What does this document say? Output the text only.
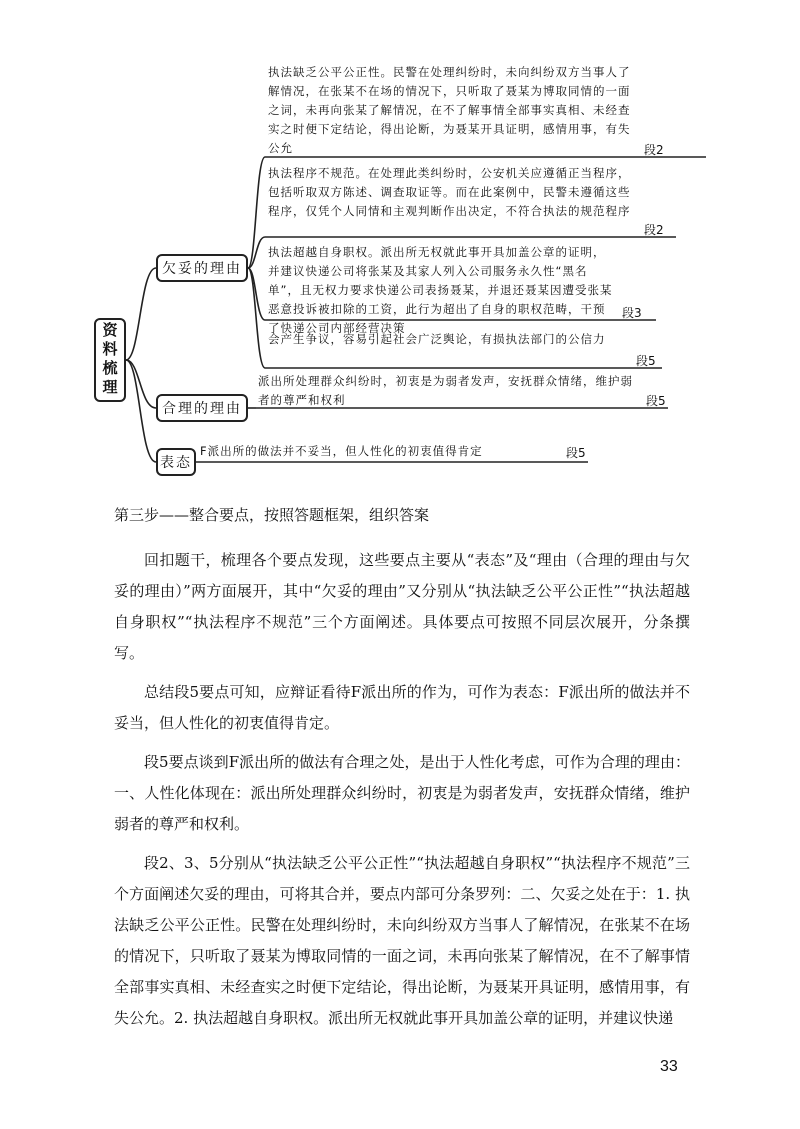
资料梳理
欠妥的理由
合理的理由
表态
执法缺乏公平公正性。民警在处理纠纷时，未向纠纷双方当事人了解情况，在张某不在场的情况下，只听取了聂某为博取同情的一面之词，未再向张某了解情况，在不了解事情全部事实真相、未经查实之时便下定结论，得出论断，为聂某开具证明，感情用事，有失公允	段2
执法程序不规范。在处理此类纠纷时，公安机关应遵循正当程序，包括听取双方陈述、调查取证等。而在此案例中，民警未遵循这些程序，仅凭个人同情和主观判断作出决定，不符合执法的规范程序
段2
执法超越自身职权。派出所无权就此事开具加盖公章的证明，并建议快递公司将张某及其家人列入公司服务永久性“黑名单”，且无权力要求快递公司表扬聂某，并退还聂某因遭受张某恶意投诉被扣除的工资，此行为超出了自身的职权范畴，干预了快递公司内部经营决策
段3
会产生争议，容易引起社会广泛舆论，有损执法部门的公信力
段5
派出所处理群众纠纷时，初衷是为弱者发声，安抚群众情绪，维护弱者的尊严和权利	段5
F派出所的做法并不妥当，但人性化的初衷值得肯定	段5

第三步——整合要点，按照答题框架，组织答案

回扣题干，梳理各个要点发现，这些要点主要从“表态”及“理由（合理的理由与欠妥的理由）”两方面展开，其中“欠妥的理由”又分别从“执法缺乏公平公正性”“执法超越自身职权”“执法程序不规范”三个方面阐述。具体要点可按照不同层次展开，分条撰写。

总结段5要点可知，应辩证看待F派出所的作为，可作为表态：F派出所的做法并不妥当，但人性化的初衷值得肯定。

段5要点谈到F派出所的做法有合理之处，是出于人性化考虑，可作为合理的理由：一、人性化体现在：派出所处理群众纠纷时，初衷是为弱者发声，安抚群众情绪，维护弱者的尊严和权利。

段2、3、5分别从“执法缺乏公平公正性”“执法超越自身职权”“执法程序不规范”三个方面阐述欠妥的理由，可将其合并，要点内部可分条罗列：二、欠妥之处在于：1. 执法缺乏公平公正性。民警在处理纠纷时，未向纠纷双方当事人了解情况，在张某不在场的情况下，只听取了聂某为博取同情的一面之词，未再向张某了解情况，在不了解事情全部事实真相、未经查实之时便下定结论，得出论断，为聂某开具证明，感情用事，有失公允。2. 执法超越自身职权。派出所无权就此事开具加盖公章的证明，并建议快递

33
